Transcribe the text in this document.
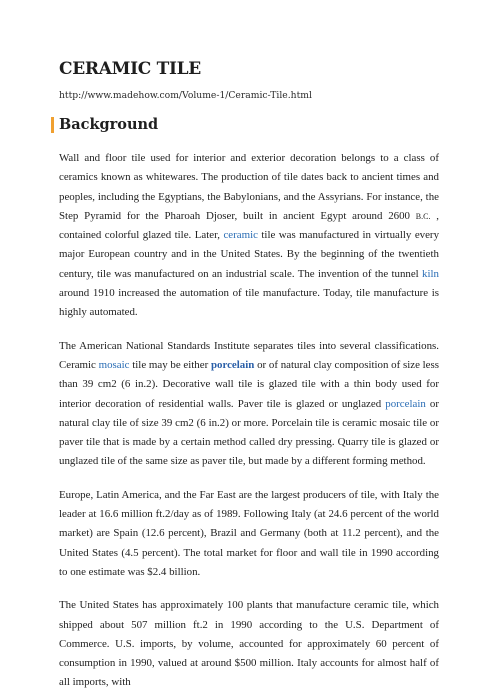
CERAMIC TILE
http://www.madehow.com/Volume-1/Ceramic-Tile.html
Background

Wall and floor tile used for interior and exterior decoration belongs to a class of ceramics known as whitewares. The production of tile dates back to ancient times and peoples, including the Egyptians, the Babylonians, and the Assyrians. For instance, the Step Pyramid for the Pharoah Djoser, built in ancient Egypt around 2600 B.C. , contained colorful glazed tile. Later, ceramic tile was manufactured in virtually every major European country and in the United States. By the beginning of the twentieth century, tile was manufactured on an industrial scale. The invention of the tunnel kiln around 1910 increased the automation of tile manufacture. Today, tile manufacture is highly automated.

The American National Standards Institute separates tiles into several classifications. Ceramic mosaic tile may be either porcelain or of natural clay composition of size less than 39 cm2 (6 in.2). Decorative wall tile is glazed tile with a thin body used for interior decoration of residential walls. Paver tile is glazed or unglazed porcelain or natural clay tile of size 39 cm2 (6 in.2) or more. Porcelain tile is ceramic mosaic tile or paver tile that is made by a certain method called dry pressing. Quarry tile is glazed or unglazed tile of the same size as paver tile, but made by a different forming method.

Europe, Latin America, and the Far East are the largest producers of tile, with Italy the leader at 16.6 million ft.2/day as of 1989. Following Italy (at 24.6 percent of the world market) are Spain (12.6 percent), Brazil and Germany (both at 11.2 percent), and the United States (4.5 percent). The total market for floor and wall tile in 1990 according to one estimate was $2.4 billion.

The United States has approximately 100 plants that manufacture ceramic tile, which shipped about 507 million ft.2 in 1990 according to the U.S. Department of Commerce. U.S. imports, by volume, accounted for approximately 60 percent of consumption in 1990, valued at around $500 million. Italy accounts for almost half of all imports, with
